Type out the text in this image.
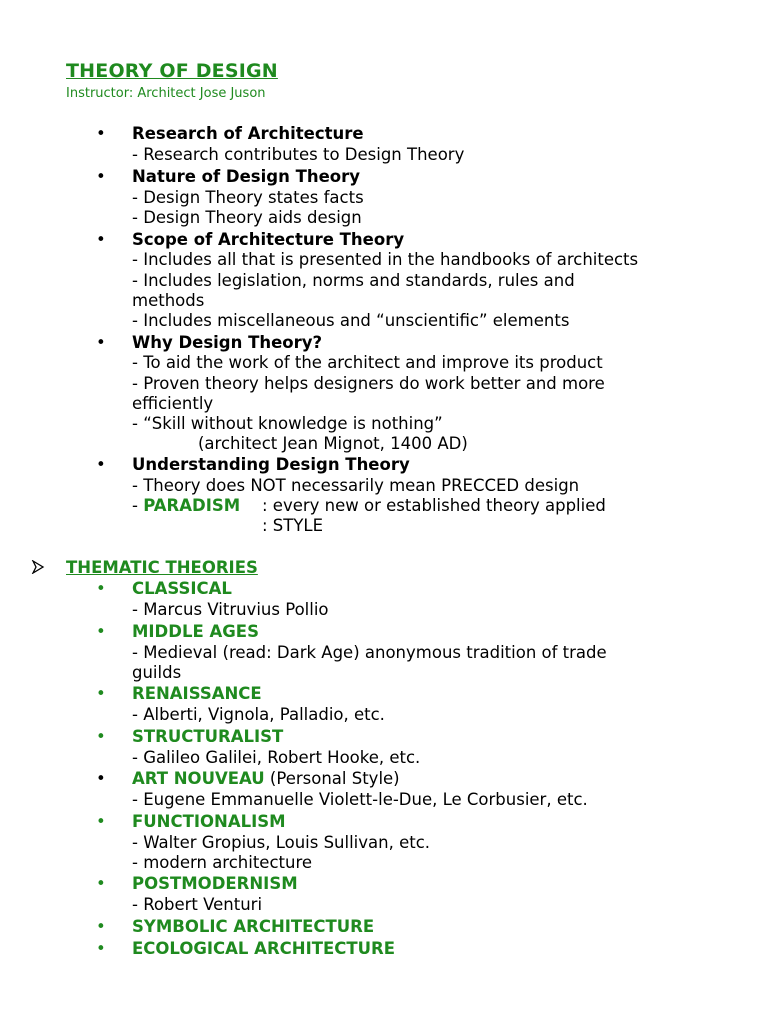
THEORY OF DESIGN
Instructor: Architect Jose Juson
• Research of Architecture
- Research contributes to Design Theory
• Nature of Design Theory
- Design Theory states facts
- Design Theory aids design
• Scope of Architecture Theory
- Includes all that is presented in the handbooks of architects
- Includes legislation, norms and standards, rules and
methods
- Includes miscellaneous and “unscientific” elements
• Why Design Theory?
- To aid the work of the architect and improve its product
- Proven theory helps designers do work better and more
efficiently
- “Skill without knowledge is nothing”
(architect Jean Mignot, 1400 AD)
• Understanding Design Theory
- Theory does NOT necessarily mean PRECCED design
- PARADISM : every new or established theory applied
: STYLE
THEMATIC THEORIES
• CLASSICAL
- Marcus Vitruvius Pollio
• MIDDLE AGES
- Medieval (read: Dark Age) anonymous tradition of trade
guilds
• RENAISSANCE
- Alberti, Vignola, Palladio, etc.
• STRUCTURALIST
- Galileo Galilei, Robert Hooke, etc.
• ART NOUVEAU (Personal Style)
- Eugene Emmanuelle Violett-le-Due, Le Corbusier, etc.
• FUNCTIONALISM
- Walter Gropius, Louis Sullivan, etc.
- modern architecture
• POSTMODERNISM
- Robert Venturi
• SYMBOLIC ARCHITECTURE
• ECOLOGICAL ARCHITECTURE
